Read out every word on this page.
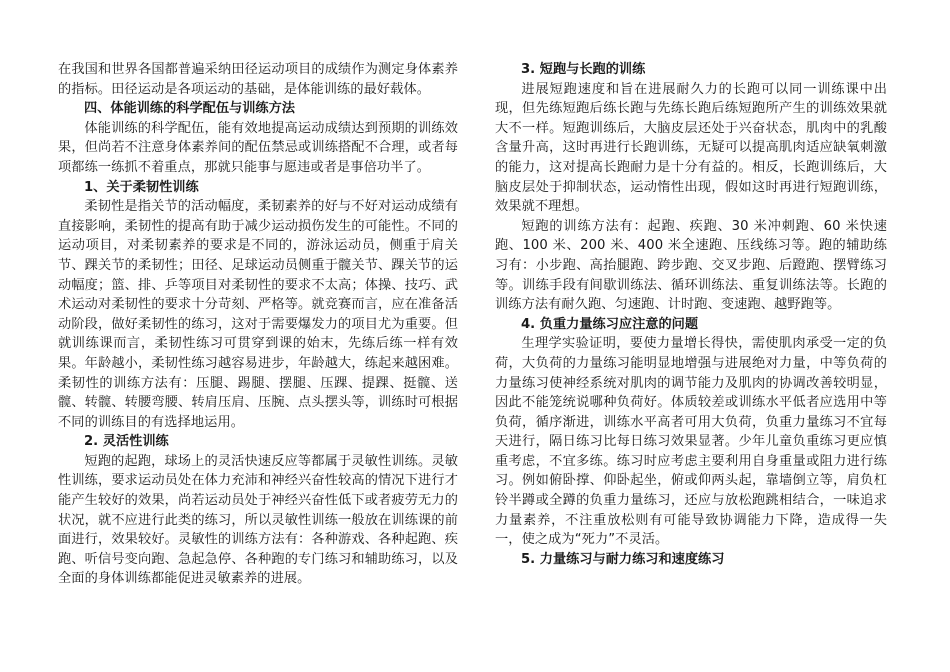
在我国和世界各国都普遍采纳田径运动项目的成绩作为测定身体素养的指标。田径运动是各项运动的基础，是体能训练的最好载体。

四、体能训练的科学配伍与训练方法

体能训练的科学配伍，能有效地提高运动成绩达到预期的训练效果，但尚若不注意身体素养间的配伍禁忌或训练搭配不合理，或者每项都练一练抓不着重点，那就只能事与愿违或者是事倍功半了。

1、关于柔韧性训练

柔韧性是指关节的活动幅度，柔韧素养的好与不好对运动成绩有直接影响，柔韧性的提高有助于减少运动损伤发生的可能性。不同的运动项目，对柔韧素养的要求是不同的，游泳运动员，侧重于肩关节、踝关节的柔韧性；田径、足球运动员侧重于髋关节、踝关节的运动幅度；篮、排、乒等项目对柔韧性的要求不太高；体操、技巧、武术运动对柔韧性的要求十分苛刻、严格等。就竞赛而言，应在准备活动阶段，做好柔韧性的练习，这对于需要爆发力的项目尤为重要。但就训练课而言，柔韧性练习可贯穿到课的始末，先练后练一样有效果。年龄越小，柔韧性练习越容易进步，年龄越大，练起来越困难。柔韧性的训练方法有：压腿、踢腿、摆腿、压踝、提踝、挺髋、送髋、转髋、转腰弯腰、转肩压肩、压腕、点头摆头等，训练时可根据不同的训练目的有选择地运用。

2. 灵活性训练

短跑的起跑，球场上的灵活快速反应等都属于灵敏性训练。灵敏性训练，要求运动员处在体力充沛和神经兴奋性较高的情况下进行才能产生较好的效果，尚若运动员处于神经兴奋性低下或者疲劳无力的状况，就不应进行此类的练习，所以灵敏性训练一般放在训练课的前面进行，效果较好。灵敏性的训练方法有：各种游戏、各种起跑、疾跑、听信号变向跑、急起急停、各种跑的专门练习和辅助练习，以及全面的身体训练都能促进灵敏素养的进展。

3. 短跑与长跑的训练

进展短跑速度和旨在进展耐久力的长跑可以同一训练课中出现，但先练短跑后练长跑与先练长跑后练短跑所产生的训练效果就大不一样。短跑训练后，大脑皮层还处于兴奋状态，肌肉中的乳酸含量升高，这时再进行长跑训练，无疑可以提高肌肉适应缺氧刺激的能力，这对提高长跑耐力是十分有益的。相反，长跑训练后，大脑皮层处于抑制状态，运动惰性出现，假如这时再进行短跑训练，效果就不理想。

短跑的训练方法有：起跑、疾跑、30 米冲刺跑、60 米快速跑、100 米、200 米、400 米全速跑、压线练习等。跑的辅助练习有：小步跑、高抬腿跑、跨步跑、交叉步跑、后蹬跑、摆臂练习等。训练手段有间歇训练法、循环训练法、重复训练法等。长跑的训练方法有耐久跑、匀速跑、计时跑、变速跑、越野跑等。

4. 负重力量练习应注意的问题

生理学实验证明，要使力量增长得快，需使肌肉承受一定的负荷，大负荷的力量练习能明显地增强与进展绝对力量，中等负荷的力量练习使神经系统对肌肉的调节能力及肌肉的协调改善较明显，因此不能笼统说哪种负荷好。体质较差或训练水平低者应选用中等负荷，循序渐进，训练水平高者可用大负荷，负重力量练习不宜每天进行，隔日练习比每日练习效果显著。少年儿童负重练习更应慎重考虑，不宜多练。练习时应考虑主要利用自身重量或阻力进行练习。例如俯卧撑、仰卧起坐，俯或仰两头起，靠墙倒立等，肩负杠铃半蹲或全蹲的负重力量练习，还应与放松跑跳相结合，一味追求力量素养，不注重放松则有可能导致协调能力下降，造成得一失一，使之成为“死力”不灵活。

5. 力量练习与耐力练习和速度练习
